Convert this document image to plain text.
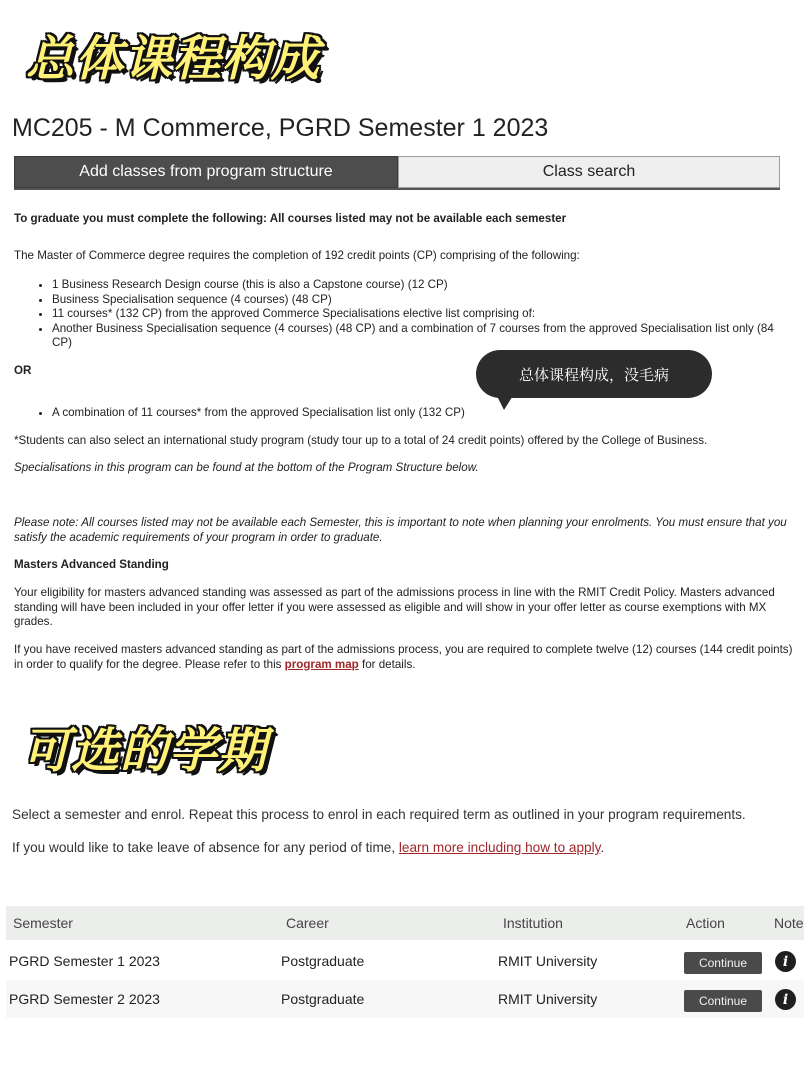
总体课程构成
MC205 - M Commerce, PGRD Semester 1 2023
Add classes from program structure	Class search
To graduate you must complete the following: All courses listed may not be available each semester
The Master of Commerce degree requires the completion of 192 credit points (CP) comprising of the following:
• 1 Business Research Design course (this is also a Capstone course) (12 CP)
• Business Specialisation sequence (4 courses) (48 CP)
• 11 courses* (132 CP) from the approved Commerce Specialisations elective list comprising of:
• Another Business Specialisation sequence (4 courses) (48 CP) and a combination of 7 courses from the approved Specialisation list only (84 CP)
OR	总体课程构成，没毛病
• A combination of 11 courses* from the approved Specialisation list only (132 CP)
*Students can also select an international study program (study tour up to a total of 24 credit points) offered by the College of Business.
Specialisations in this program can be found at the bottom of the Program Structure below.
Please note: All courses listed may not be available each Semester, this is important to note when planning your enrolments. You must ensure that you satisfy the academic requirements of your program in order to graduate.
Masters Advanced Standing
Your eligibility for masters advanced standing was assessed as part of the admissions process in line with the RMIT Credit Policy. Masters advanced standing will have been included in your offer letter if you were assessed as eligible and will show in your offer letter as course exemptions with MX grades.
If you have received masters advanced standing as part of the admissions process, you are required to complete twelve (12) courses (144 credit points) in order to qualify for the degree. Please refer to this program map for details.
可选的学期
Select a semester and enrol. Repeat this process to enrol in each required term as outlined in your program requirements.
If you would like to take leave of absence for any period of time, learn more including how to apply.
Semester	Career	Institution	Action	Note
PGRD Semester 1 2023	Postgraduate	RMIT University	Continue	i
PGRD Semester 2 2023	Postgraduate	RMIT University	Continue	i
